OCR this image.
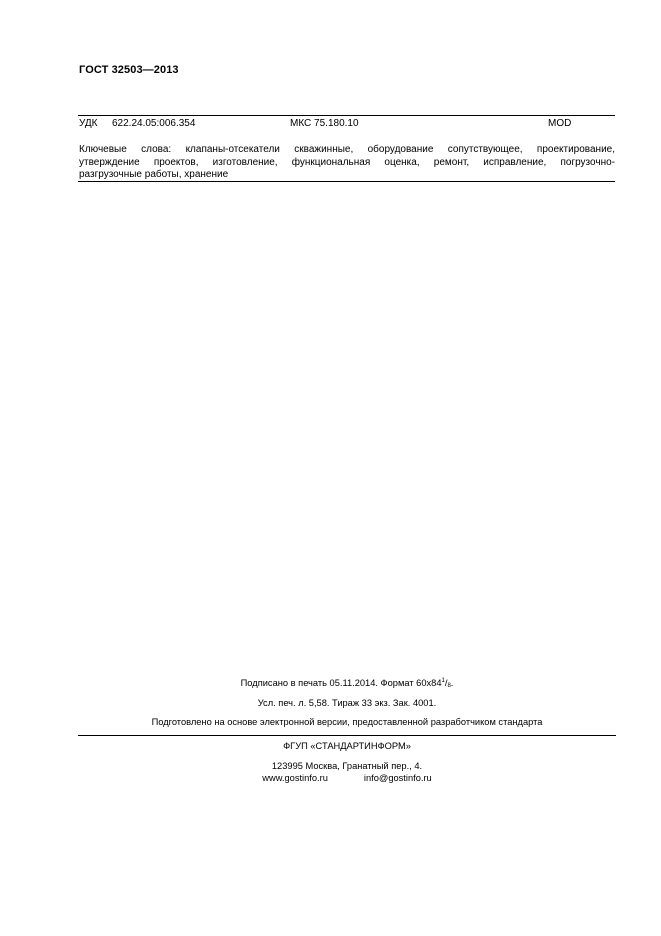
ГОСТ 32503—2013
УДК 622.24.05:006.354	МКС 75.180.10	MOD
Ключевые слова: клапаны-отсекатели скважинные, оборудование сопутствующее, проектирование,
утверждение проектов, изготовление, функциональная оценка, ремонт, исправление, погрузочно-
разгрузочные работы, хранение
Подписано в печать 05.11.2014. Формат $60х84^1/_8$.
Усл. печ. л. 5,58. Тираж 33 экз. Зак. 4001.
Подготовлено на основе электронной версии, предоставленной разработчиком стандарта
ФГУП «СТАНДАРТИНФОРМ»
123995 Москва, Гранатный пер., 4.
www.gostinfo.ru	info@gostinfo.ru
